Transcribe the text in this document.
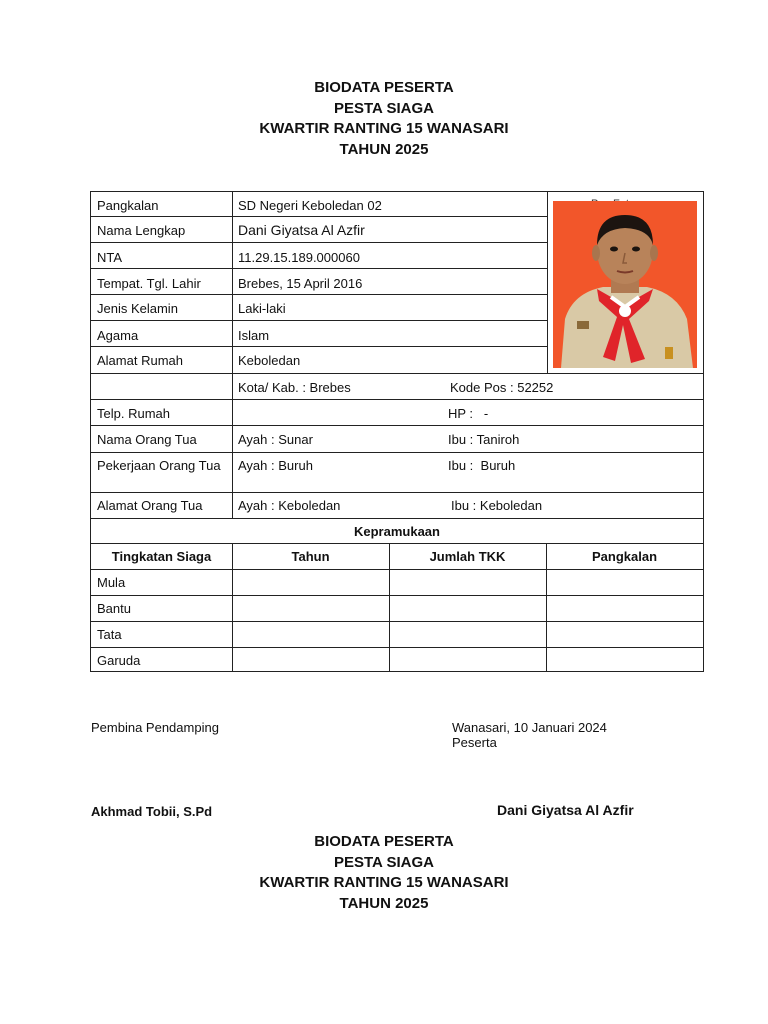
BIODATA PESERTA
PESTA SIAGA
KWARTIR RANTING 15 WANASARI
TAHUN 2025
Pangkalan	SD Negeri Keboledan 02
Nama Lengkap	Dani Giyatsa Al Azfir
NTA	11.29.15.189.000060
Tempat. Tgl. Lahir	Brebes, 15 April 2016
Jenis Kelamin	Laki-laki
Agama	Islam
Alamat Rumah	Keboledan
Kota/ Kab. : Brebes	Kode Pos : 52252
Telp. Rumah	HP :   -
Nama Orang Tua	Ayah : Sunar	Ibu : Taniroh
Pekerjaan Orang Tua	Ayah : Buruh	Ibu :  Buruh
Alamat Orang Tua	Ayah : Keboledan	Ibu : Keboledan
Kepramukaan
Tingkatan Siaga	Tahun	Jumlah TKK	Pangkalan
Mula
Bantu
Tata
Garuda
Pembina Pendamping	Wanasari, 10 Januari 2024
Peserta
Akhmad Tobii, S.Pd	Dani Giyatsa Al Azfir
BIODATA PESERTA
PESTA SIAGA
KWARTIR RANTING 15 WANASARI
TAHUN 2025
